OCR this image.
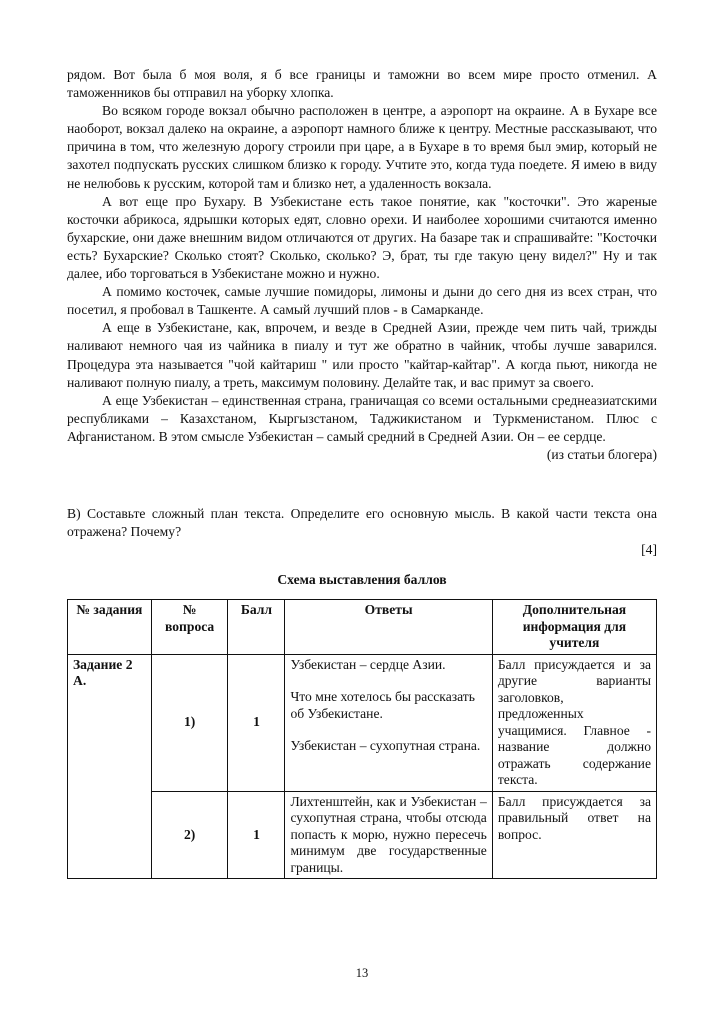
рядом. Вот была б моя воля, я б все границы и таможни во всем мире просто отменил. А таможенников бы отправил на уборку хлопка.

Во всяком городе вокзал обычно расположен в центре, а аэропорт на окраине. А в Бухаре все наоборот, вокзал далеко на окраине, а аэропорт намного ближе к центру. Местные рассказывают, что причина в том, что железную дорогу строили при царе, а в Бухаре в то время был эмир, который не захотел подпускать русских слишком близко к городу. Учтите это, когда туда поедете. Я имею в виду не нелюбовь к русским, которой там и близко нет, а удаленность вокзала.

А вот еще про Бухару. В Узбекистане есть такое понятие, как "косточки". Это жареные косточки абрикоса, ядрышки которых едят, словно орехи. И наиболее хорошими считаются именно бухарские, они даже внешним видом отличаются от других. На базаре так и спрашивайте: "Косточки есть? Бухарские? Сколько стоят? Сколько, сколько? Э, брат, ты где такую цену видел?" Ну и так далее, ибо торговаться в Узбекистане можно и нужно.

А помимо косточек, самые лучшие помидоры, лимоны и дыни до сего дня из всех стран, что посетил, я пробовал в Ташкенте. А самый лучший плов - в Самарканде.

А еще в Узбекистане, как, впрочем, и везде в Средней Азии, прежде чем пить чай, трижды наливают немного чая из чайника в пиалу и тут же обратно в чайник, чтобы лучше заварился. Процедура эта называется "чой кайтариш " или просто "кайтар-кайтар". А когда пьют, никогда не наливают полную пиалу, а треть, максимум половину. Делайте так, и вас примут за своего.

А еще Узбекистан – единственная страна, граничащая со всеми остальными среднеазиатскими республиками – Казахстаном, Кыргызстаном, Таджикистаном и Туркменистаном. Плюс с Афганистаном. В этом смысле Узбекистан – самый средний в Средней Азии. Он – ее сердце.

(из статьи блогера)

В) Составьте сложный план текста. Определите его основную мысль. В какой части текста она отражена? Почему?

[4]

Схема выставления баллов
№ задания	№ вопроса	Балл	Ответы	Дополнительная информация для учителя
Задание 2 А.	1)	1	Узбекистан – сердце Азии.
Что мне хотелось бы рассказать об Узбекистане.
Узбекистан – сухопутная страна.	Балл присуждается и за другие варианты заголовков, предложенных учащимися. Главное - название должно отражать содержание текста.
	2)	1	Лихтенштейн, как и Узбекистан – сухопутная страна, чтобы отсюда попасть к морю, нужно пересечь минимум две государственные границы.	Балл присуждается за правильный ответ на вопрос.
13
